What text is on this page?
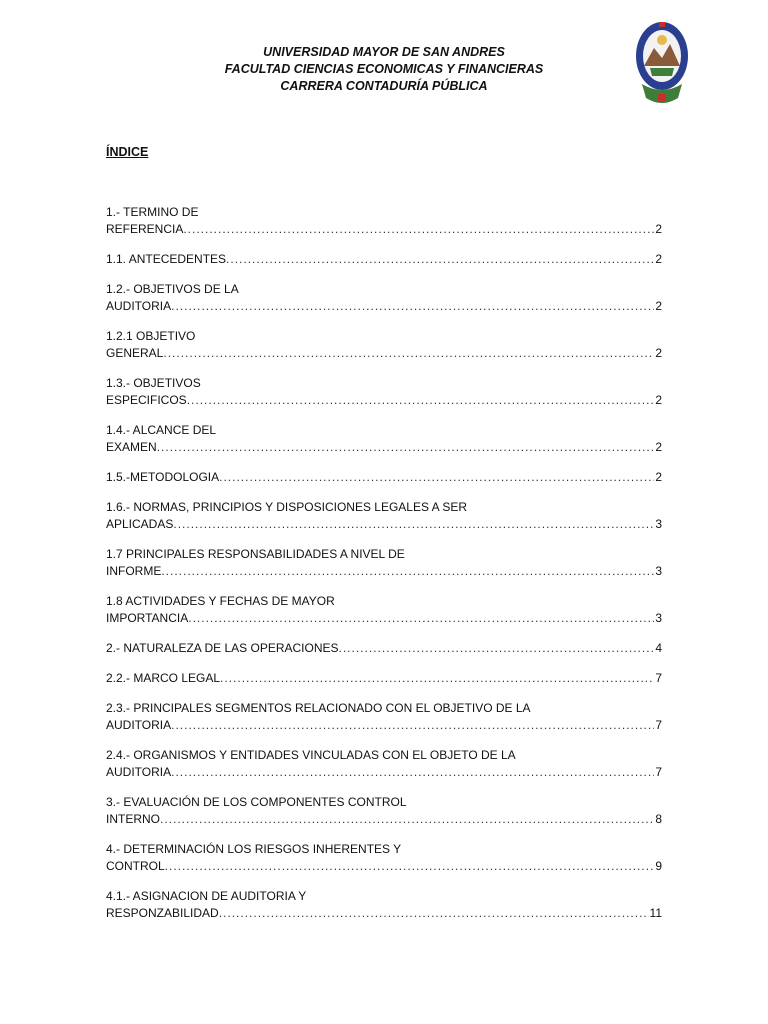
UNIVERSIDAD MAYOR DE SAN ANDRES
FACULTAD CIENCIAS ECONOMICAS Y FINANCIERAS
CARRERA CONTADURÍA PÚBLICA
ÍNDICE
1.- TERMINO DE
REFERENCIA .....	2
1.1. ANTECEDENTES .....	2
1.2.- OBJETIVOS DE LA
AUDITORIA .....	2
1.2.1 OBJETIVO
GENERAL .....	2
1.3.- OBJETIVOS
ESPECIFICOS .....	2
1.4.- ALCANCE DEL
EXAMEN .....	2
1.5.-METODOLOGIA .....	2
1.6.- NORMAS, PRINCIPIOS Y DISPOSICIONES LEGALES A SER
APLICADAS .....	3
1.7 PRINCIPALES RESPONSABILIDADES A NIVEL DE
INFORME .....	3
1.8 ACTIVIDADES Y FECHAS DE MAYOR
IMPORTANCIA .....	3
2.- NATURALEZA DE LAS OPERACIONES .....	4
2.2.- MARCO LEGAL .....	7
2.3.- PRINCIPALES SEGMENTOS RELACIONADO CON EL OBJETIVO DE LA
AUDITORIA .....	7
2.4.- ORGANISMOS Y ENTIDADES VINCULADAS CON EL OBJETO DE LA
AUDITORIA .....	7
3.- EVALUACIÓN DE LOS COMPONENTES CONTROL
INTERNO .....	8
4.- DETERMINACIÓN LOS RIESGOS INHERENTES Y
CONTROL .....	9
4.1.- ASIGNACION DE AUDITORIA Y
RESPONZABILIDAD .....	11
